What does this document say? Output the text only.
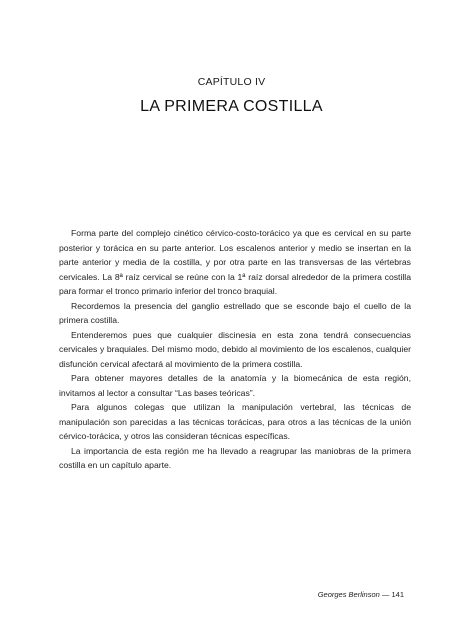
CAPÍTULO IV
LA PRIMERA COSTILLA

Forma parte del complejo cinético cérvico-costo-torácico ya que es cervical en su parte posterior y torácica en su parte anterior. Los escalenos anterior y medio se insertan en la parte anterior y media de la costilla, y por otra parte en las transversas de las vértebras cervicales. La 8ª raíz cervical se reúne con la 1ª raíz dorsal alrededor de la primera costilla para formar el tronco primario inferior del tronco braquial.

Recordemos la presencia del ganglio estrellado que se esconde bajo el cuello de la primera costilla.

Entenderemos pues que cualquier discinesia en esta zona tendrá consecuencias cervicales y braquiales. Del mismo modo, debido al movimiento de los escalenos, cualquier disfunción cervical afectará al movimiento de la primera costilla.

Para obtener mayores detalles de la anatomía y la biomecánica de esta región, invitamos al lector a consultar “Las bases teóricas”.

Para algunos colegas que utilizan la manipulación vertebral, las técnicas de manipulación son parecidas a las técnicas torácicas, para otros a las técnicas de la unión cérvico-torácica, y otros las consideran técnicas específicas.

La importancia de esta región me ha llevado a reagrupar las maniobras de la primera costilla en un capítulo aparte.

Georges Berlinson — 141
